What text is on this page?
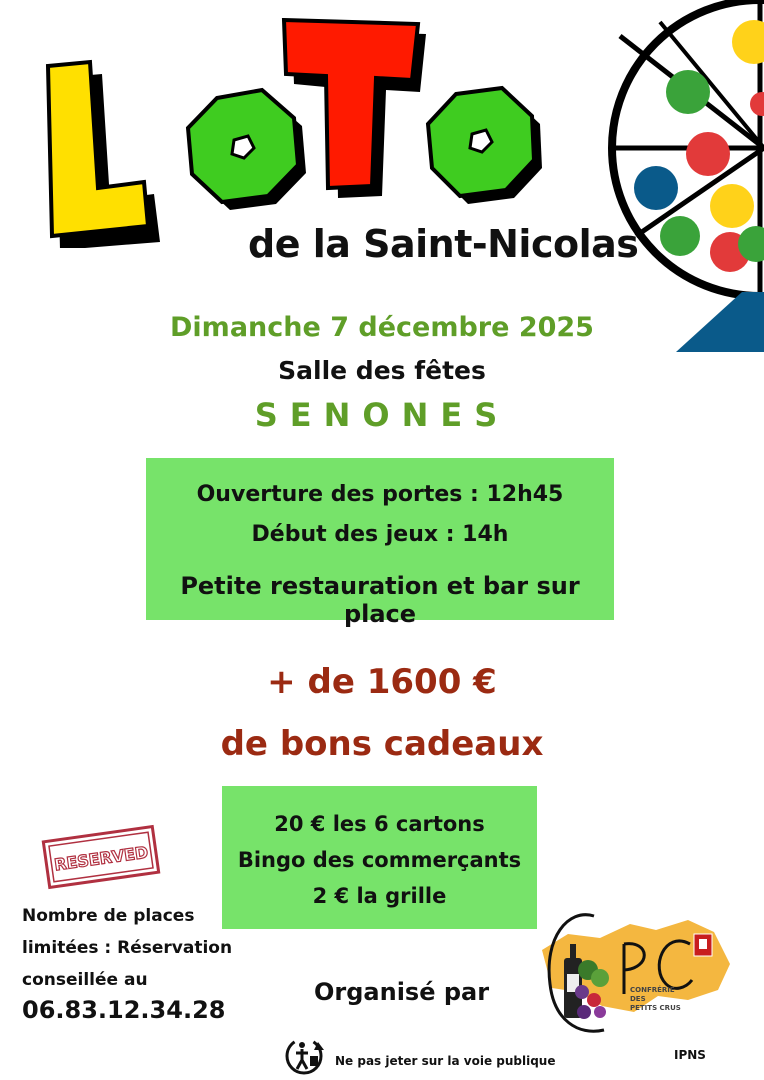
de la Saint-Nicolas
Dimanche 7 décembre 2025
Salle des fêtes
SENONES
Ouverture des portes : 12h45
Début des jeux : 14h
Petite restauration et bar sur place
+ de 1600 €
de bons cadeaux
20 € les 6 cartons
Bingo des commerçants
2 € la grille
RESERVED
Nombre de places
limitées : Réservation
conseillée au
06.83.12.34.28
Organisé par	CONFRÉRIE
DES
PETITS CRUS
Ne pas jeter sur la voie publique	IPNS
